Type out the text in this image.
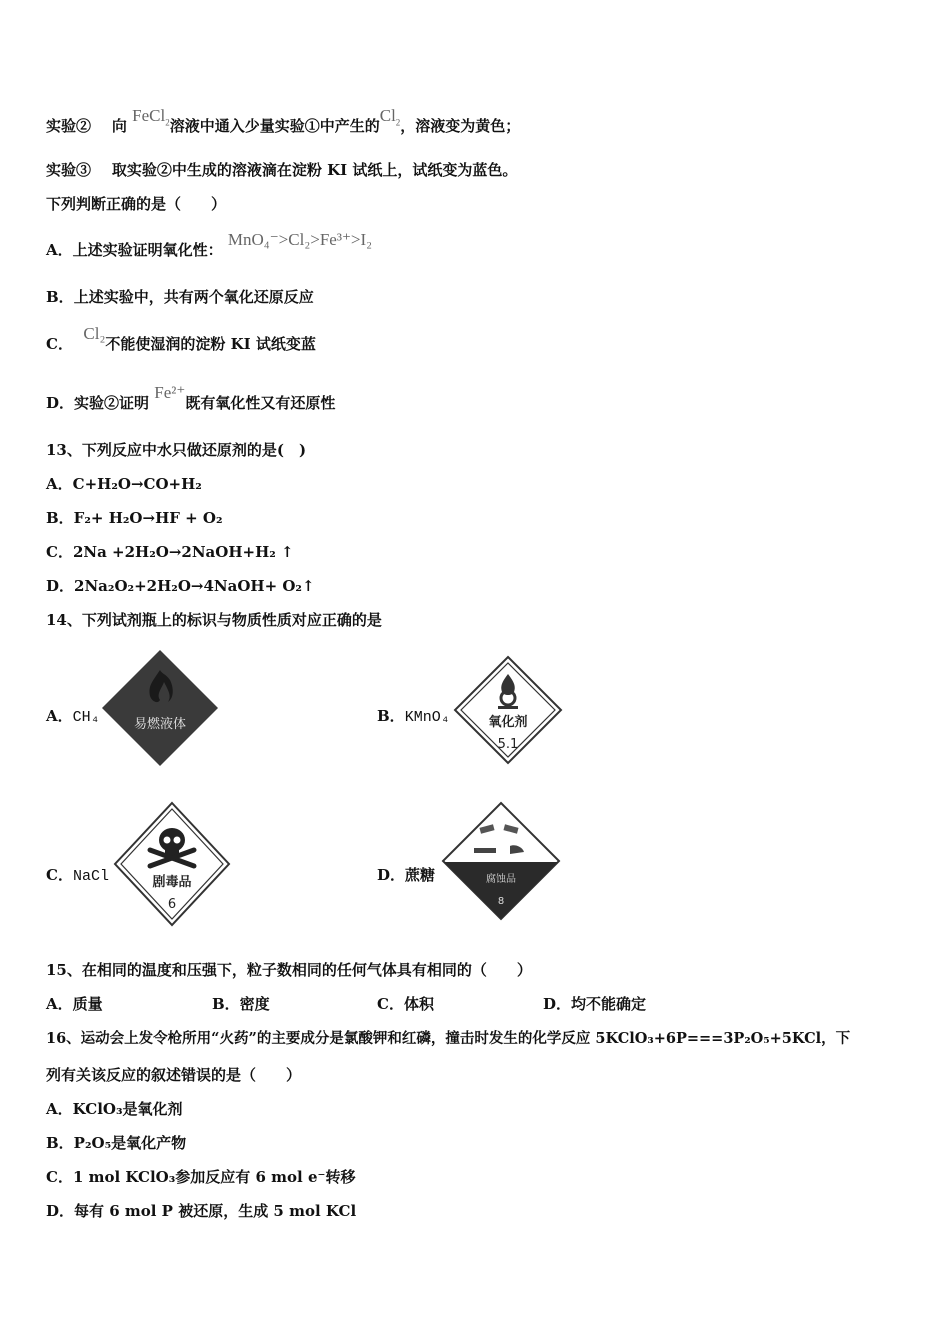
实验② 向 FeCl$_2$溶液中通入少量实验①中产生的$Cl_2$，溶液变为黄色；
实验③ 取实验②中生成的溶液滴在淀粉 KI 试纸上，试纸变为蓝色。
下列判断正确的是（　　）
A．上述实验证明氧化性： MnO₄⁻>Cl₂>Fe³⁺>I₂
B．上述实验中，共有两个氧化还原反应
C．  Cl₂不能使湿润的淀粉 KI 试纸变蓝
D．实验②证明 Fe²⁺既有氧化性又有还原性
13、下列反应中水只做还原剂的是(　)
A．C+H₂O→CO+H₂
B．F₂+ H₂O→HF + O₂
C．2Na +2H₂O→2NaOH+H₂ ↑
D．2Na₂O₂+2H₂O→4NaOH+ O₂↑
14、下列试剂瓶上的标识与物质性质对应正确的是
A．CH₄	易燃液体	B．KMnO₄	氧化剂
5.1
C．NaCl	剧毒品
6
D．蔗糖	腐蚀品
8
15、在相同的温度和压强下，粒子数相同的任何气体具有相同的（　　）
A．质量	B．密度	C．体积	D．均不能确定
16、运动会上发令枪所用“火药”的主要成分是氯酸钾和红磷，撞击时发生的化学反应 5KClO₃+6P===3P₂O₅+5KCl，下
列有关该反应的叙述错误的是（　　）
A．KClO₃是氧化剂
B．P₂O₅是氧化产物
C．1 mol KClO₃参加反应有 6 mol e⁻转移
D．每有 6 mol P 被还原，生成 5 mol KCl
